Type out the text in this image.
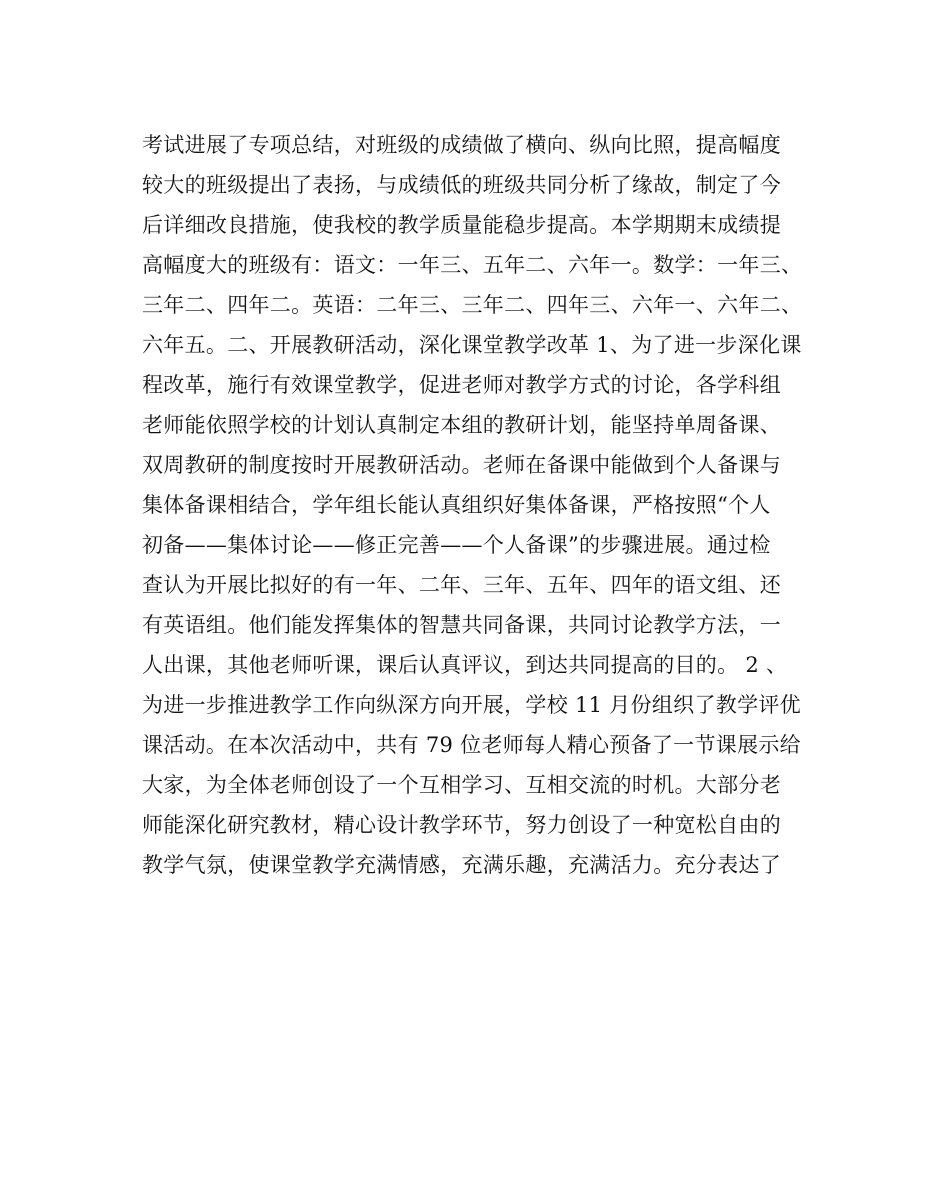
考试进展了专项总结，对班级的成绩做了横向、纵向比照，提高幅度
较大的班级提出了表扬，与成绩低的班级共同分析了缘故，制定了今
后详细改良措施，使我校的教学质量能稳步提高。本学期期末成绩提
高幅度大的班级有：语文：一年三、五年二、六年一。数学：一年三、
三年二、四年二。英语：二年三、三年二、四年三、六年一、六年二、
六年五。二、开展教研活动，深化课堂教学改革 1、为了进一步深化课
程改革，施行有效课堂教学，促进老师对教学方式的讨论，各学科组
老师能依照学校的计划认真制定本组的教研计划，能坚持单周备课、
双周教研的制度按时开展教研活动。老师在备课中能做到个人备课与
集体备课相结合，学年组长能认真组织好集体备课，严格按照“个人
初备——集体讨论——修正完善——个人备课”的步骤进展。通过检
查认为开展比拟好的有一年、二年、三年、五年、四年的语文组、还
有英语组。他们能发挥集体的智慧共同备课，共同讨论教学方法，一
人出课，其他老师听课，课后认真评议，到达共同提高的目的。 2 、
为进一步推进教学工作向纵深方向开展，学校 11 月份组织了教学评优
课活动。在本次活动中，共有 79 位老师每人精心预备了一节课展示给
大家，为全体老师创设了一个互相学习、互相交流的时机。大部分老
师能深化研究教材，精心设计教学环节，努力创设了一种宽松自由的
教学气氛，使课堂教学充满情感，充满乐趣，充满活力。充分表达了
